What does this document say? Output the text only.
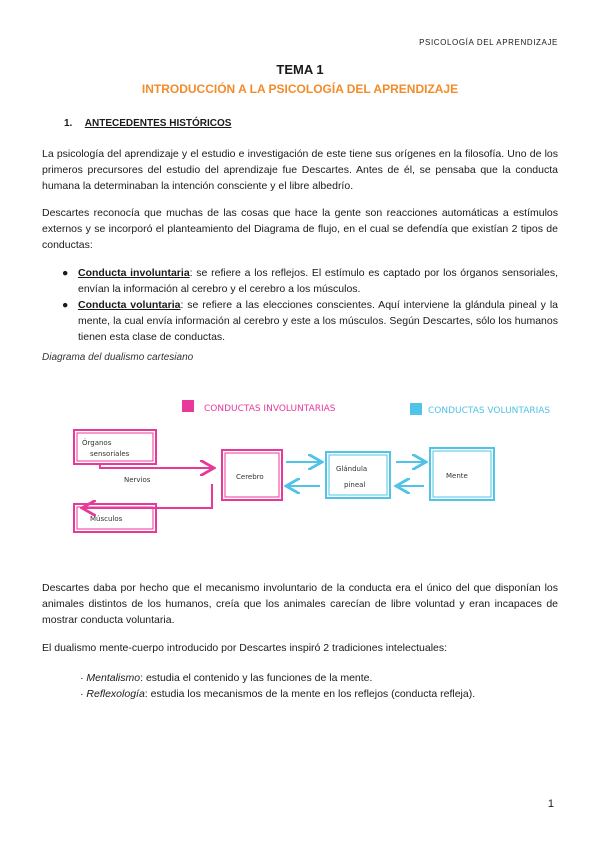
PSICOLOGÍA DEL APRENDIZAJE
TEMA 1
INTRODUCCIÓN A LA PSICOLOGÍA DEL APRENDIZAJE
1. ANTECEDENTES HISTÓRICOS
La psicología del aprendizaje y el estudio e investigación de este tiene sus orígenes en la filosofía. Uno de los primeros precursores del estudio del aprendizaje fue Descartes. Antes de él, se pensaba que la conducta humana la determinaban la intención consciente y el libre albedrío.
Descartes reconocía que muchas de las cosas que hace la gente son reacciones automáticas a estímulos externos y se incorporó el planteamiento del Diagrama de flujo, en el cual se defendía que existían 2 tipos de conductas:
● Conducta involuntaria: se refiere a los reflejos. El estímulo es captado por los órganos sensoriales, envían la información al cerebro y el cerebro a los músculos.
● Conducta voluntaria: se refiere a las elecciones conscientes. Aquí interviene la glándula pineal y la mente, la cual envía información al cerebro y este a los músculos. Según Descartes, sólo los humanos tienen esta clase de conductas.
Diagrama del dualismo cartesiano
CONDUCTAS INVOLUNTARIAS	CONDUCTAS VOLUNTARIAS
Órganos
sensoriales
Nervios	Cerebro
Músculos
Glándula
pineal
Mente
Descartes daba por hecho que el mecanismo involuntario de la conducta era el único del que disponían los animales distintos de los humanos, creía que los animales carecían de libre voluntad y eran incapaces de mostrar conducta voluntaria.
El dualismo mente-cuerpo introducido por Descartes inspiró 2 tradiciones intelectuales:
· Mentalismo: estudia el contenido y las funciones de la mente.
· Reflexología: estudia los mecanismos de la mente en los reflejos (conducta refleja).
1
